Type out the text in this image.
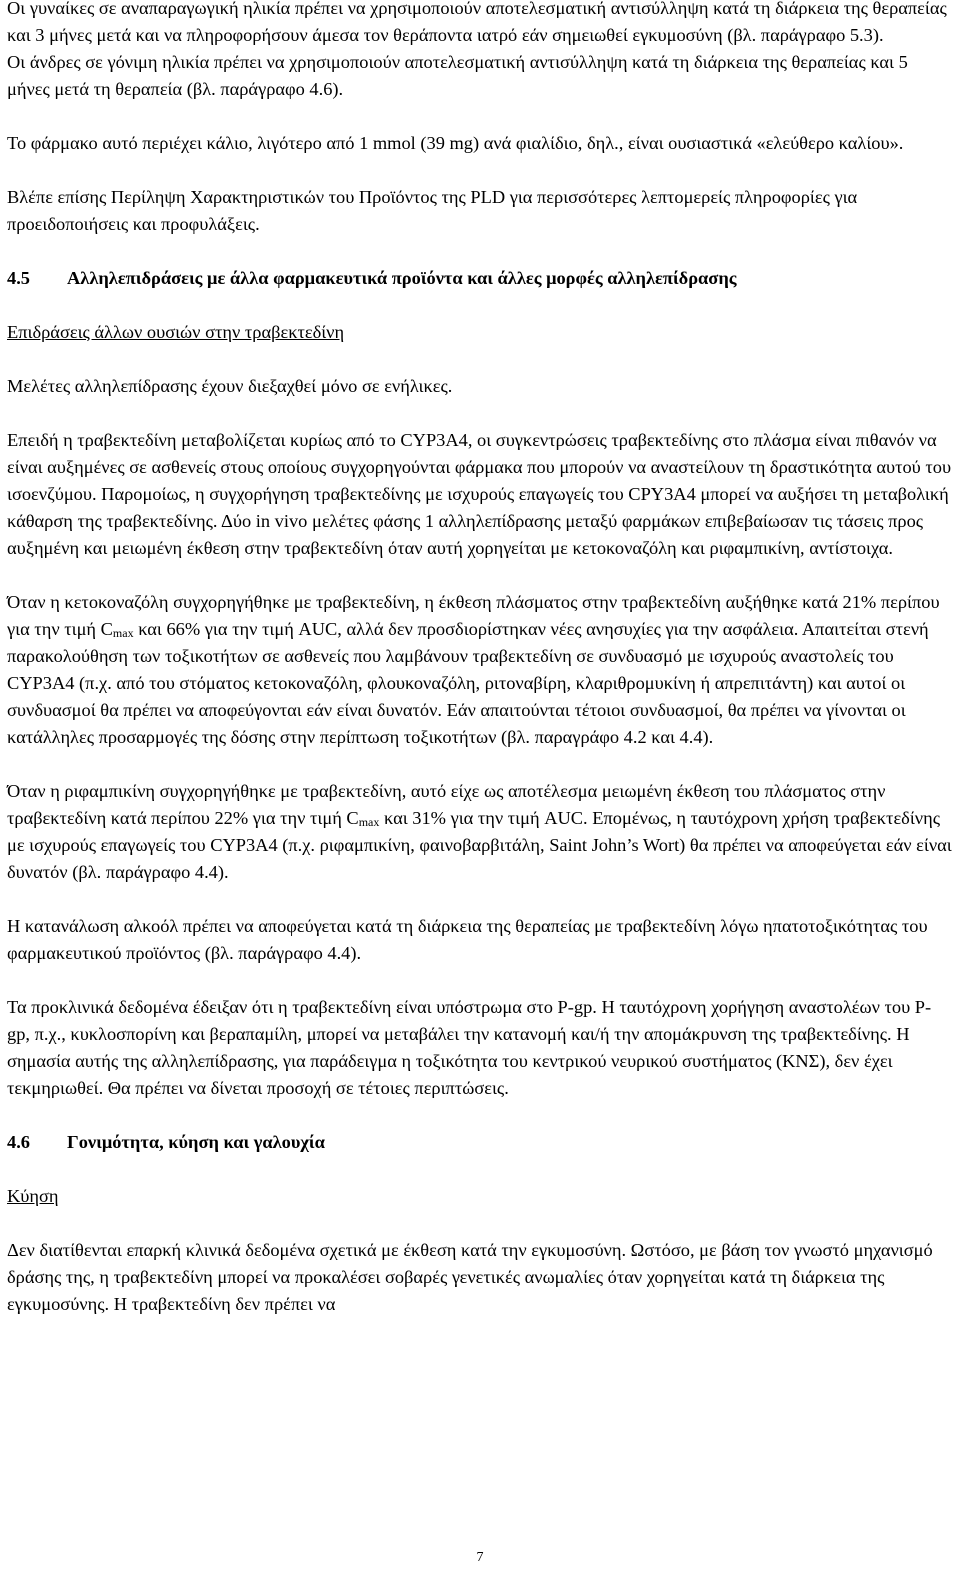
Οι γυναίκες σε αναπαραγωγική ηλικία πρέπει να χρησιμοποιούν αποτελεσματική αντισύλληψη κατά τη διάρκεια της θεραπείας και 3 μήνες μετά και να πληροφορήσουν άμεσα τον θεράποντα ιατρό εάν σημειωθεί εγκυμοσύνη (βλ. παράγραφο 5.3).

Οι άνδρες σε γόνιμη ηλικία πρέπει να χρησιμοποιούν αποτελεσματική αντισύλληψη κατά τη διάρκεια της θεραπείας και 5 μήνες μετά τη θεραπεία (βλ. παράγραφο 4.6).

Το φάρμακο αυτό περιέχει κάλιο, λιγότερο από 1 mmol (39 mg) ανά φιαλίδιο, δηλ., είναι ουσιαστικά «ελεύθερο καλίου».

Βλέπε επίσης Περίληψη Χαρακτηριστικών του Προϊόντος της PLD για περισσότερες λεπτομερείς πληροφορίες για προειδοποιήσεις και προφυλάξεις.

4.5	Αλληλεπιδράσεις με άλλα φαρμακευτικά προϊόντα και άλλες μορφές αλληλεπίδρασης

Επιδράσεις άλλων ουσιών στην τραβεκτεδίνη

Μελέτες αλληλεπίδρασης έχουν διεξαχθεί μόνο σε ενήλικες.

Επειδή η τραβεκτεδίνη μεταβολίζεται κυρίως από το CYP3A4, οι συγκεντρώσεις τραβεκτεδίνης στο πλάσμα είναι πιθανόν να είναι αυξημένες σε ασθενείς στους οποίους συγχορηγούνται φάρμακα που μπορούν να αναστείλουν τη δραστικότητα αυτού του ισοενζύμου. Παρομοίως, η συγχορήγηση τραβεκτεδίνης με ισχυρούς επαγωγείς του CPY3A4 μπορεί να αυξήσει τη μεταβολική κάθαρση της τραβεκτεδίνης. Δύο in vivo μελέτες φάσης 1 αλληλεπίδρασης μεταξύ φαρμάκων επιβεβαίωσαν τις τάσεις προς αυξημένη και μειωμένη έκθεση στην τραβεκτεδίνη όταν αυτή χορηγείται με κετοκοναζόλη και ριφαμπικίνη, αντίστοιχα.

Όταν η κετοκοναζόλη συγχορηγήθηκε με τραβεκτεδίνη, η έκθεση πλάσματος στην τραβεκτεδίνη αυξήθηκε κατά 21% περίπου για την τιμή $C_{max}$ και 66% για την τιμή AUC, αλλά δεν προσδιορίστηκαν νέες ανησυχίες για την ασφάλεια. Απαιτείται στενή παρακολούθηση των τοξικοτήτων σε ασθενείς που λαμβάνουν τραβεκτεδίνη σε συνδυασμό με ισχυρούς αναστολείς του CYP3A4 (π.χ. από του στόματος κετοκοναζόλη, φλουκοναζόλη, ριτοναβίρη, κλαριθρομυκίνη ή απρεπιτάντη) και αυτοί οι συνδυασμοί θα πρέπει να αποφεύγονται εάν είναι δυνατόν. Εάν απαιτούνται τέτοιοι συνδυασμοί, θα πρέπει να γίνονται οι κατάλληλες προσαρμογές της δόσης στην περίπτωση τοξικοτήτων (βλ. παραγράφο 4.2 και 4.4).

Όταν η ριφαμπικίνη συγχορηγήθηκε με τραβεκτεδίνη, αυτό είχε ως αποτέλεσμα μειωμένη έκθεση του πλάσματος στην τραβεκτεδίνη κατά περίπου 22% για την τιμή $C_{max}$ και 31% για την τιμή AUC. Επομένως, η ταυτόχρονη χρήση τραβεκτεδίνης με ισχυρούς επαγωγείς του CYP3A4 (π.χ. ριφαμπικίνη, φαινοβαρβιτάλη, Saint John’s Wort) θα πρέπει να αποφεύγεται εάν είναι δυνατόν (βλ. παράγραφο 4.4).

Η κατανάλωση αλκοόλ πρέπει να αποφεύγεται κατά τη διάρκεια της θεραπείας με τραβεκτεδίνη λόγω ηπατοτοξικότητας του φαρμακευτικού προϊόντος (βλ. παράγραφο 4.4).

Τα προκλινικά δεδομένα έδειξαν ότι η τραβεκτεδίνη είναι υπόστρωμα στο P-gp. Η ταυτόχρονη χορήγηση αναστολέων του P-gp, π.χ., κυκλοσπορίνη και βεραπαμίλη, μπορεί να μεταβάλει την κατανομή και/ή την απομάκρυνση της τραβεκτεδίνης. Η σημασία αυτής της αλληλεπίδρασης, για παράδειγμα η τοξικότητα του κεντρικού νευρικού συστήματος (ΚΝΣ), δεν έχει τεκμηριωθεί. Θα πρέπει να δίνεται προσοχή σε τέτοιες περιπτώσεις.

4.6	Γονιμότητα, κύηση και γαλουχία

Κύηση

Δεν διατίθενται επαρκή κλινικά δεδομένα σχετικά με έκθεση κατά την εγκυμοσύνη. Ωστόσο, με βάση τον γνωστό μηχανισμό δράσης της, η τραβεκτεδίνη μπορεί να προκαλέσει σοβαρές γενετικές ανωμαλίες όταν χορηγείται κατά τη διάρκεια της εγκυμοσύνης. Η τραβεκτεδίνη δεν πρέπει να

7
